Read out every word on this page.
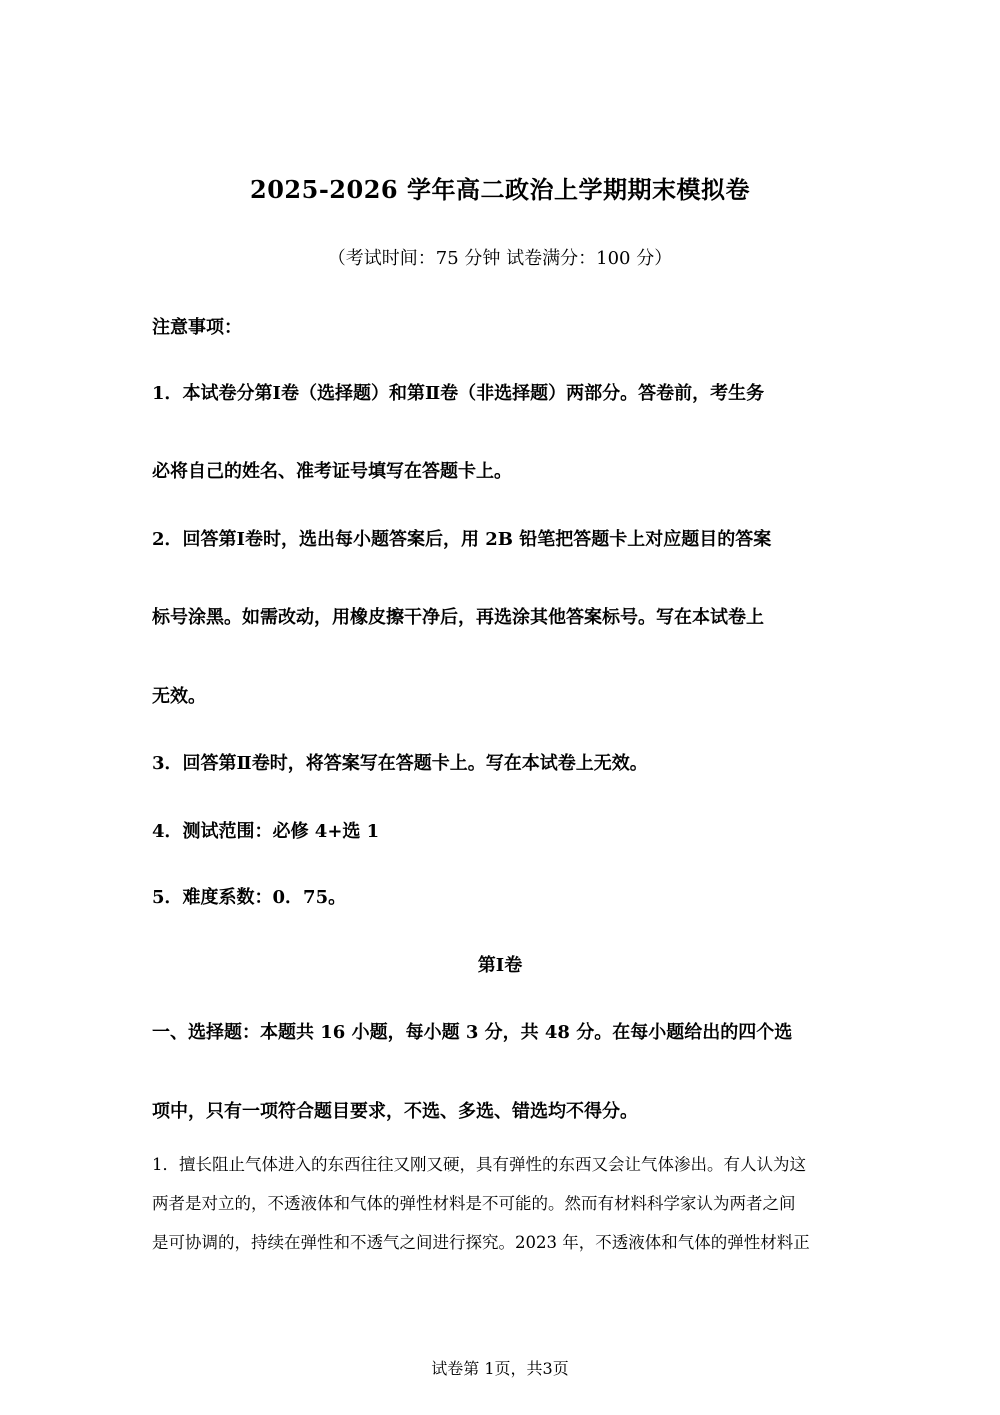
2025-2026 学年高二政治上学期期末模拟卷
（考试时间：75 分钟 试卷满分：100 分）
注意事项：
1．本试卷分第Ⅰ卷（选择题）和第Ⅱ卷（非选择题）两部分。答卷前，考生务
必将自己的姓名、准考证号填写在答题卡上。
2．回答第Ⅰ卷时，选出每小题答案后，用 2B 铅笔把答题卡上对应题目的答案
标号涂黑。如需改动，用橡皮擦干净后，再选涂其他答案标号。写在本试卷上
无效。
3．回答第Ⅱ卷时，将答案写在答题卡上。写在本试卷上无效。
4．测试范围：必修 4+选 1
5．难度系数：0．75。
第Ⅰ卷
一、选择题：本题共 16 小题，每小题 3 分，共 48 分。在每小题给出的四个选
项中，只有一项符合题目要求，不选、多选、错选均不得分。
1．擅长阻止气体进入的东西往往又刚又硬，具有弹性的东西又会让气体渗出。有人认为这
两者是对立的，不透液体和气体的弹性材料是不可能的。然而有材料科学家认为两者之间
是可协调的，持续在弹性和不透气之间进行探究。2023 年，不透液体和气体的弹性材料正
试卷第 1页，共3页
